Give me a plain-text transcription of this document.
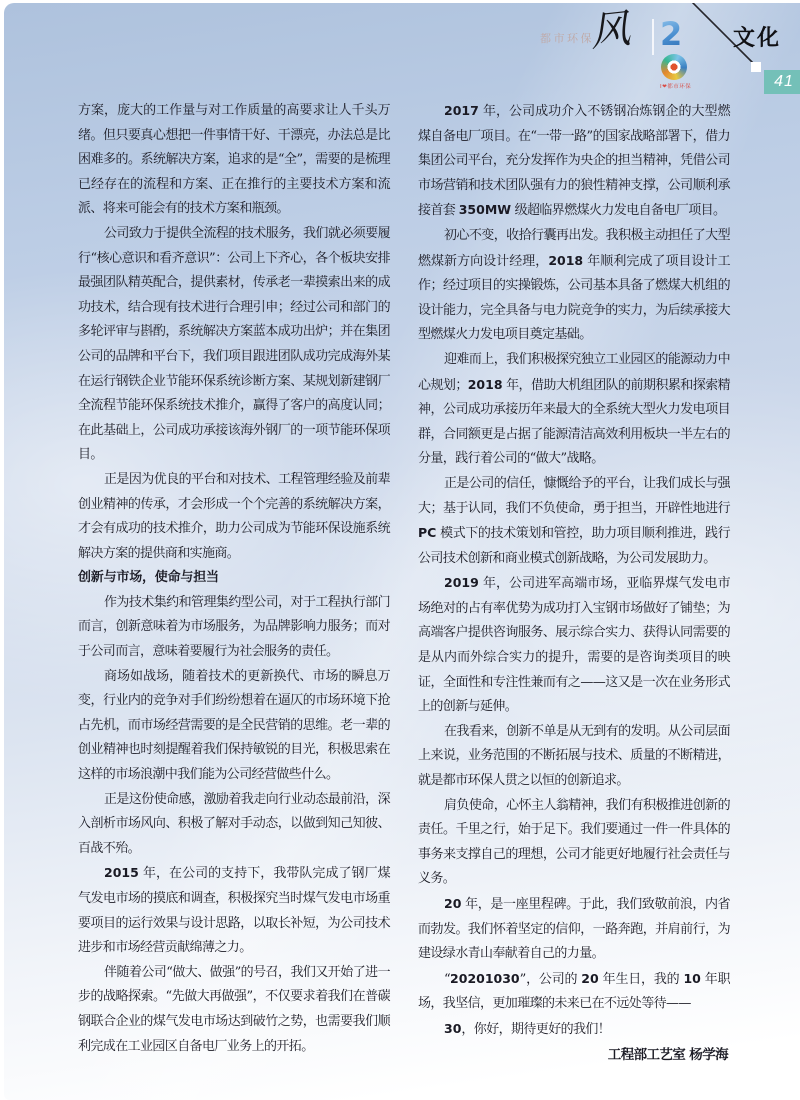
都市环保
风 2
I❤都市环保
文化
41

方案，庞大的工作量与对工作质量的高要求让人千头万绪。但只要真心想把一件事情干好、干漂亮，办法总是比困难多的。系统解决方案，追求的是“全”，需要的是梳理已经存在的流程和方案、正在推行的主要技术方案和流派、将来可能会有的技术方案和瓶颈。

公司致力于提供全流程的技术服务，我们就必须要履行“核心意识和看齐意识”：公司上下齐心，各个板块安排最强团队精英配合，提供素材，传承老一辈摸索出来的成功技术，结合现有技术进行合理引申；经过公司和部门的多轮评审与斟酌，系统解决方案蓝本成功出炉；并在集团公司的品牌和平台下，我们项目跟进团队成功完成海外某在运行钢铁企业节能环保系统诊断方案、某规划新建钢厂全流程节能环保系统技术推介，赢得了客户的高度认同；在此基础上，公司成功承接该海外钢厂的一项节能环保项目。

正是因为优良的平台和对技术、工程管理经验及前辈创业精神的传承，才会形成一个个完善的系统解决方案，才会有成功的技术推介，助力公司成为节能环保设施系统解决方案的提供商和实施商。

创新与市场，使命与担当

作为技术集约和管理集约型公司，对于工程执行部门而言，创新意味着为市场服务，为品牌影响力服务；而对于公司而言，意味着要履行为社会服务的责任。

商场如战场，随着技术的更新换代、市场的瞬息万变，行业内的竞争对手们纷纷想着在逼仄的市场环境下抢占先机，而市场经营需要的是全民营销的思维。老一辈的创业精神也时刻提醒着我们保持敏锐的目光，积极思索在这样的市场浪潮中我们能为公司经营做些什么。

正是这份使命感，激励着我走向行业动态最前沿，深入剖析市场风向、积极了解对手动态，以做到知己知彼、百战不殆。

2015 年，在公司的支持下，我带队完成了钢厂煤气发电市场的摸底和调查，积极探究当时煤气发电市场重要项目的运行效果与设计思路，以取长补短，为公司技术进步和市场经营贡献绵薄之力。

伴随着公司“做大、做强”的号召，我们又开始了进一步的战略探索。“先做大再做强”，不仅要求着我们在普碳钢联合企业的煤气发电市场达到破竹之势，也需要我们顺利完成在工业园区自备电厂业务上的开拓。

2017 年，公司成功介入不锈钢冶炼钢企的大型燃煤自备电厂项目。在“一带一路”的国家战略部署下，借力集团公司平台，充分发挥作为央企的担当精神，凭借公司市场营销和技术团队强有力的狼性精神支撑，公司顺利承接首套 350MW 级超临界燃煤火力发电自备电厂项目。

初心不变，收拾行囊再出发。我积极主动担任了大型燃煤新方向设计经理，2018 年顺利完成了项目设计工作；经过项目的实操锻炼，公司基本具备了燃煤大机组的设计能力，完全具备与电力院竞争的实力，为后续承接大型燃煤火力发电项目奠定基础。

迎难而上，我们积极探究独立工业园区的能源动力中心规划；2018 年，借助大机组团队的前期积累和探索精神，公司成功承接历年来最大的全系统大型火力发电项目群，合同额更是占据了能源清洁高效利用板块一半左右的分量，践行着公司的“做大”战略。

正是公司的信任，慷慨给予的平台，让我们成长与强大；基于认同，我们不负使命，勇于担当，开辟性地进行 PC 模式下的技术策划和管控，助力项目顺利推进，践行公司技术创新和商业模式创新战略，为公司发展助力。

2019 年，公司进军高端市场，亚临界煤气发电市场绝对的占有率优势为成功打入宝钢市场做好了铺垫；为高端客户提供咨询服务、展示综合实力、获得认同需要的是从内而外综合实力的提升，需要的是咨询类项目的映证，全面性和专注性兼而有之——这又是一次在业务形式上的创新与延伸。

在我看来，创新不单是从无到有的发明。从公司层面上来说，业务范围的不断拓展与技术、质量的不断精进，就是都市环保人贯之以恒的创新追求。

肩负使命，心怀主人翁精神，我们有积极推进创新的责任。千里之行，始于足下。我们要通过一件一件具体的事务来支撑自己的理想，公司才能更好地履行社会责任与义务。

20 年，是一座里程碑。于此，我们致敬前浪，内省而勃发。我们怀着坚定的信仰，一路奔跑，并肩前行，为建设绿水青山奉献着自己的力量。

“20201030”，公司的 20 年生日，我的 10 年职场，我坚信，更加璀璨的未来已在不远处等待——

30，你好，期待更好的我们！

工程部工艺室 杨学海
